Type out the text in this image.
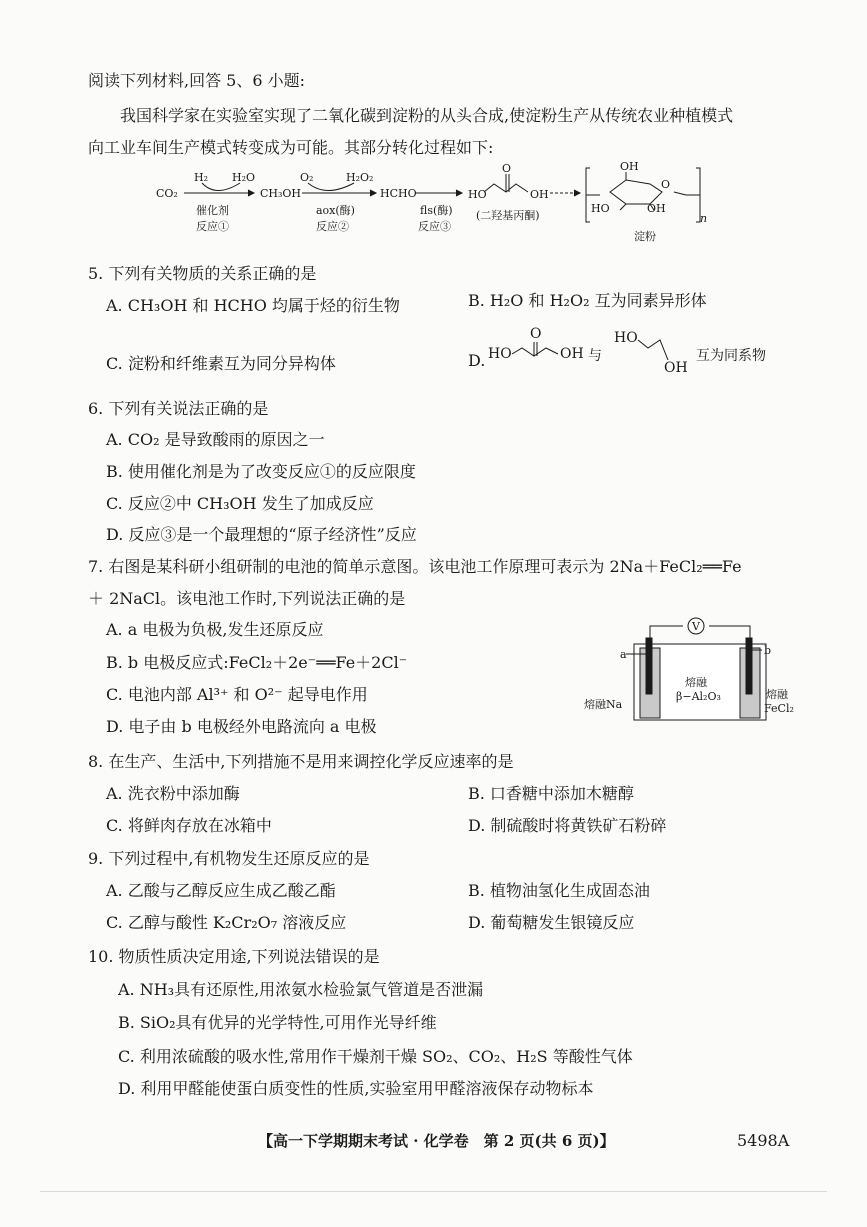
阅读下列材料,回答 5、6 小题:
我国科学家在实验室实现了二氧化碳到淀粉的从头合成,使淀粉生产从传统农业种植模式
向工业车间生产模式转变成为可能。其部分转化过程如下:
CO₂
H₂ H₂O
催化剂
反应①
CH₃OH
O₂	H₂O₂
aox(酶)
反应②
HCHO
fls(酶)
反应③
HO	OH
O
(二羟基丙酮)
OH
HO	OH
O
n
淀粉
5. 下列有关物质的关系正确的是
A. CH₃OH 和 HCHO 均属于烃的衍生物	B. H₂O 和 H₂O₂ 互为同素异形体
C. 淀粉和纤维素互为同分异构体	D. HO
O
OH 与
HO
OH
互为同系物
6. 下列有关说法正确的是
A. CO₂ 是导致酸雨的原因之一
B. 使用催化剂是为了改变反应①的反应限度
C. 反应②中 CH₃OH 发生了加成反应
D. 反应③是一个最理想的“原子经济性”反应
7. 右图是某科研小组研制的电池的简单示意图。该电池工作原理可表示为 2Na＋FeCl₂══Fe
＋ 2NaCl。该电池工作时,下列说法正确的是
A. a 电极为负极,发生还原反应
B. b 电极反应式:FeCl₂＋2e⁻══Fe＋2Cl⁻
C. 电池内部 Al³⁺ 和 O²⁻ 起导电作用
D. 电子由 b 电极经外电路流向 a 电极
V
a	b
熔融
β−Al₂O₃
熔融Na
熔融
FeCl₂
8. 在生产、生活中,下列措施不是用来调控化学反应速率的是
A. 洗衣粉中添加酶	B. 口香糖中添加木糖醇
C. 将鲜肉存放在冰箱中	D. 制硫酸时将黄铁矿石粉碎
9. 下列过程中,有机物发生还原反应的是
A. 乙酸与乙醇反应生成乙酸乙酯	B. 植物油氢化生成固态油
C. 乙醇与酸性 K₂Cr₂O₇ 溶液反应	D. 葡萄糖发生银镜反应
10. 物质性质决定用途,下列说法错误的是
A. NH₃具有还原性,用浓氨水检验氯气管道是否泄漏
B. SiO₂具有优异的光学特性,可用作光导纤维
C. 利用浓硫酸的吸水性,常用作干燥剂干燥 SO₂、CO₂、H₂S 等酸性气体
D. 利用甲醛能使蛋白质变性的性质,实验室用甲醛溶液保存动物标本
【高一下学期期末考试 · 化学卷　第 2 页(共 6 页)】	5498A
